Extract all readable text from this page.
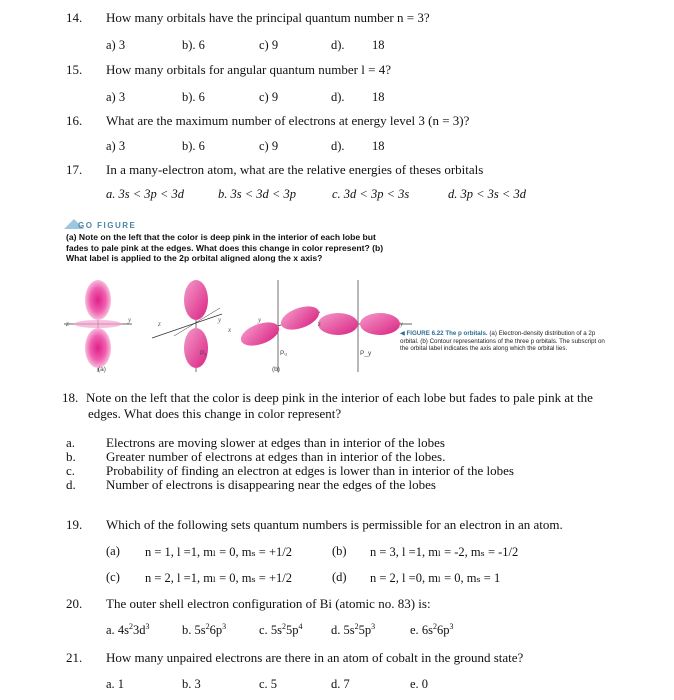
14. How many orbitals have the principal quantum number n = 3?
a) 3	b). 6	c) 9	d). 18
15. How many orbitals for angular quantum number l = 4?
a) 3	b). 6	c) 9	d). 18
16. What are the maximum number of electrons at energy level 3 (n = 3)?
a) 3	b). 6	c) 9	d). 18
17. In a many-electron atom, what are the relative energies of theses orbitals
a. 3s < 3p < 3d	b. 3s < 3d < 3p	c. 3d < 3p < 3s	d. 3p < 3s < 3d
GO FIGURE
(a) Note on the left that the color is deep pink in the interior of each lobe but fades to pale pink at the edges. What does this change in color represent? (b) What label is applied to the 2p orbital aligned along the x axis?
z	y	z	y
x
y	z	y
Pₓ	Pᵤ	P_y
(a)	(b)
◀ FIGURE 6.22 The p orbitals. (a) Electron-density distribution of a 2p orbital. (b) Contour representations of the three p orbitals. The subscript on the orbital label indicates the axis along which the orbital lies.
18. Note on the left that the color is deep pink in the interior of each lobe but fades to pale pink at the
edges. What does this change in color represent?
a. Electrons are moving slower at edges than in interior of the lobes
b. Greater number of electrons at edges than in interior of the lobes.
c. Probability of finding an electron at edges is lower than in interior of the lobes
d. Number of electrons is disappearing near the edges of the lobes
19. Which of the following sets quantum numbers is permissible for an electron in an atom.
(a) n = 1, l =1, mₗ = 0, mₛ = +1/2	(b) n = 3, l =1, mₗ = -2, mₛ = -1/2
(c) n = 2, l =1, mₗ = 0, mₛ = +1/2	(d) n = 2, l =0, mₗ = 0, mₛ = 1
20. The outer shell electron configuration of Bi (atomic no. 83) is:
a. $4s^23d^3$	b. $5s^26p^3$	c. $5s^25p^4$ d. $5s^25p^3$	e. $6s^26p^3$
21. How many unpaired electrons are there in an atom of cobalt in the ground state?
a. 1	b. 3	c. 5	d. 7	e. 0
